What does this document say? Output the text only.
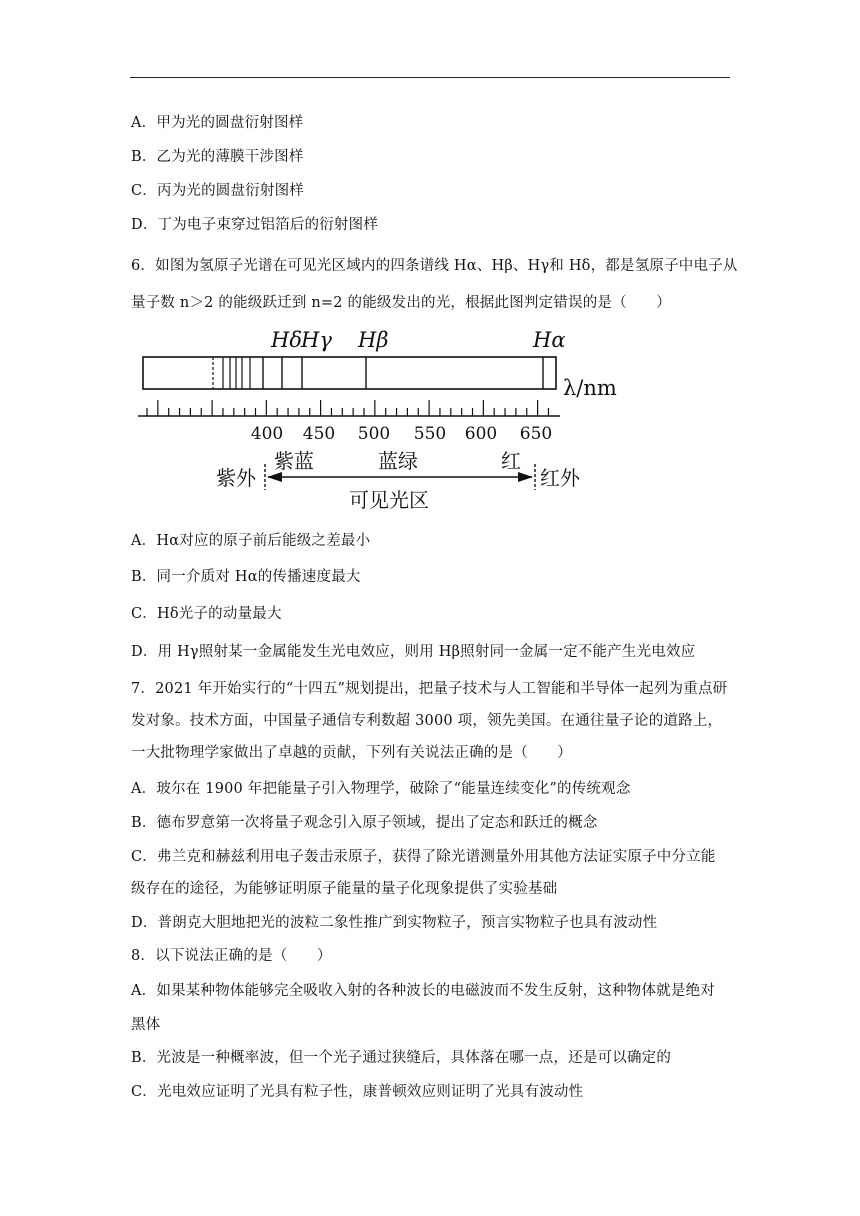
A．甲为光的圆盘衍射图样
B．乙为光的薄膜干涉图样
C．丙为光的圆盘衍射图样
D．丁为电子束穿过铝箔后的衍射图样
6．如图为氢原子光谱在可见光区域内的四条谱线 Hα、Hβ、Hγ和 Hδ，都是氢原子中电子从
量子数 n＞2 的能级跃迁到 n=2 的能级发出的光，根据此图判定错误的是（　　）
Hδ Hγ Hβ	Hα
λ/nm
400 450 500 550 600 650
紫外
紫蓝	蓝绿	红
红外
可见光区
A．Hα对应的原子前后能级之差最小
B．同一介质对 Hα的传播速度最大
C．Hδ光子的动量最大
D．用 Hγ照射某一金属能发生光电效应，则用 Hβ照射同一金属一定不能产生光电效应
7．2021 年开始实行的“十四五”规划提出，把量子技术与人工智能和半导体一起列为重点研
发对象。技术方面，中国量子通信专利数超 3000 项，领先美国。在通往量子论的道路上，
一大批物理学家做出了卓越的贡献，下列有关说法正确的是（　　）
A．玻尔在 1900 年把能量子引入物理学，破除了“能量连续变化”的传统观念
B．德布罗意第一次将量子观念引入原子领域，提出了定态和跃迁的概念
C．弗兰克和赫兹利用电子轰击汞原子，获得了除光谱测量外用其他方法证实原子中分立能
级存在的途径，为能够证明原子能量的量子化现象提供了实验基础
D．普朗克大胆地把光的波粒二象性推广到实物粒子，预言实物粒子也具有波动性
8．以下说法正确的是（　　）
A．如果某种物体能够完全吸收入射的各种波长的电磁波而不发生反射，这种物体就是绝对
黑体
B．光波是一种概率波，但一个光子通过狭缝后，具体落在哪一点，还是可以确定的
C．光电效应证明了光具有粒子性，康普顿效应则证明了光具有波动性
